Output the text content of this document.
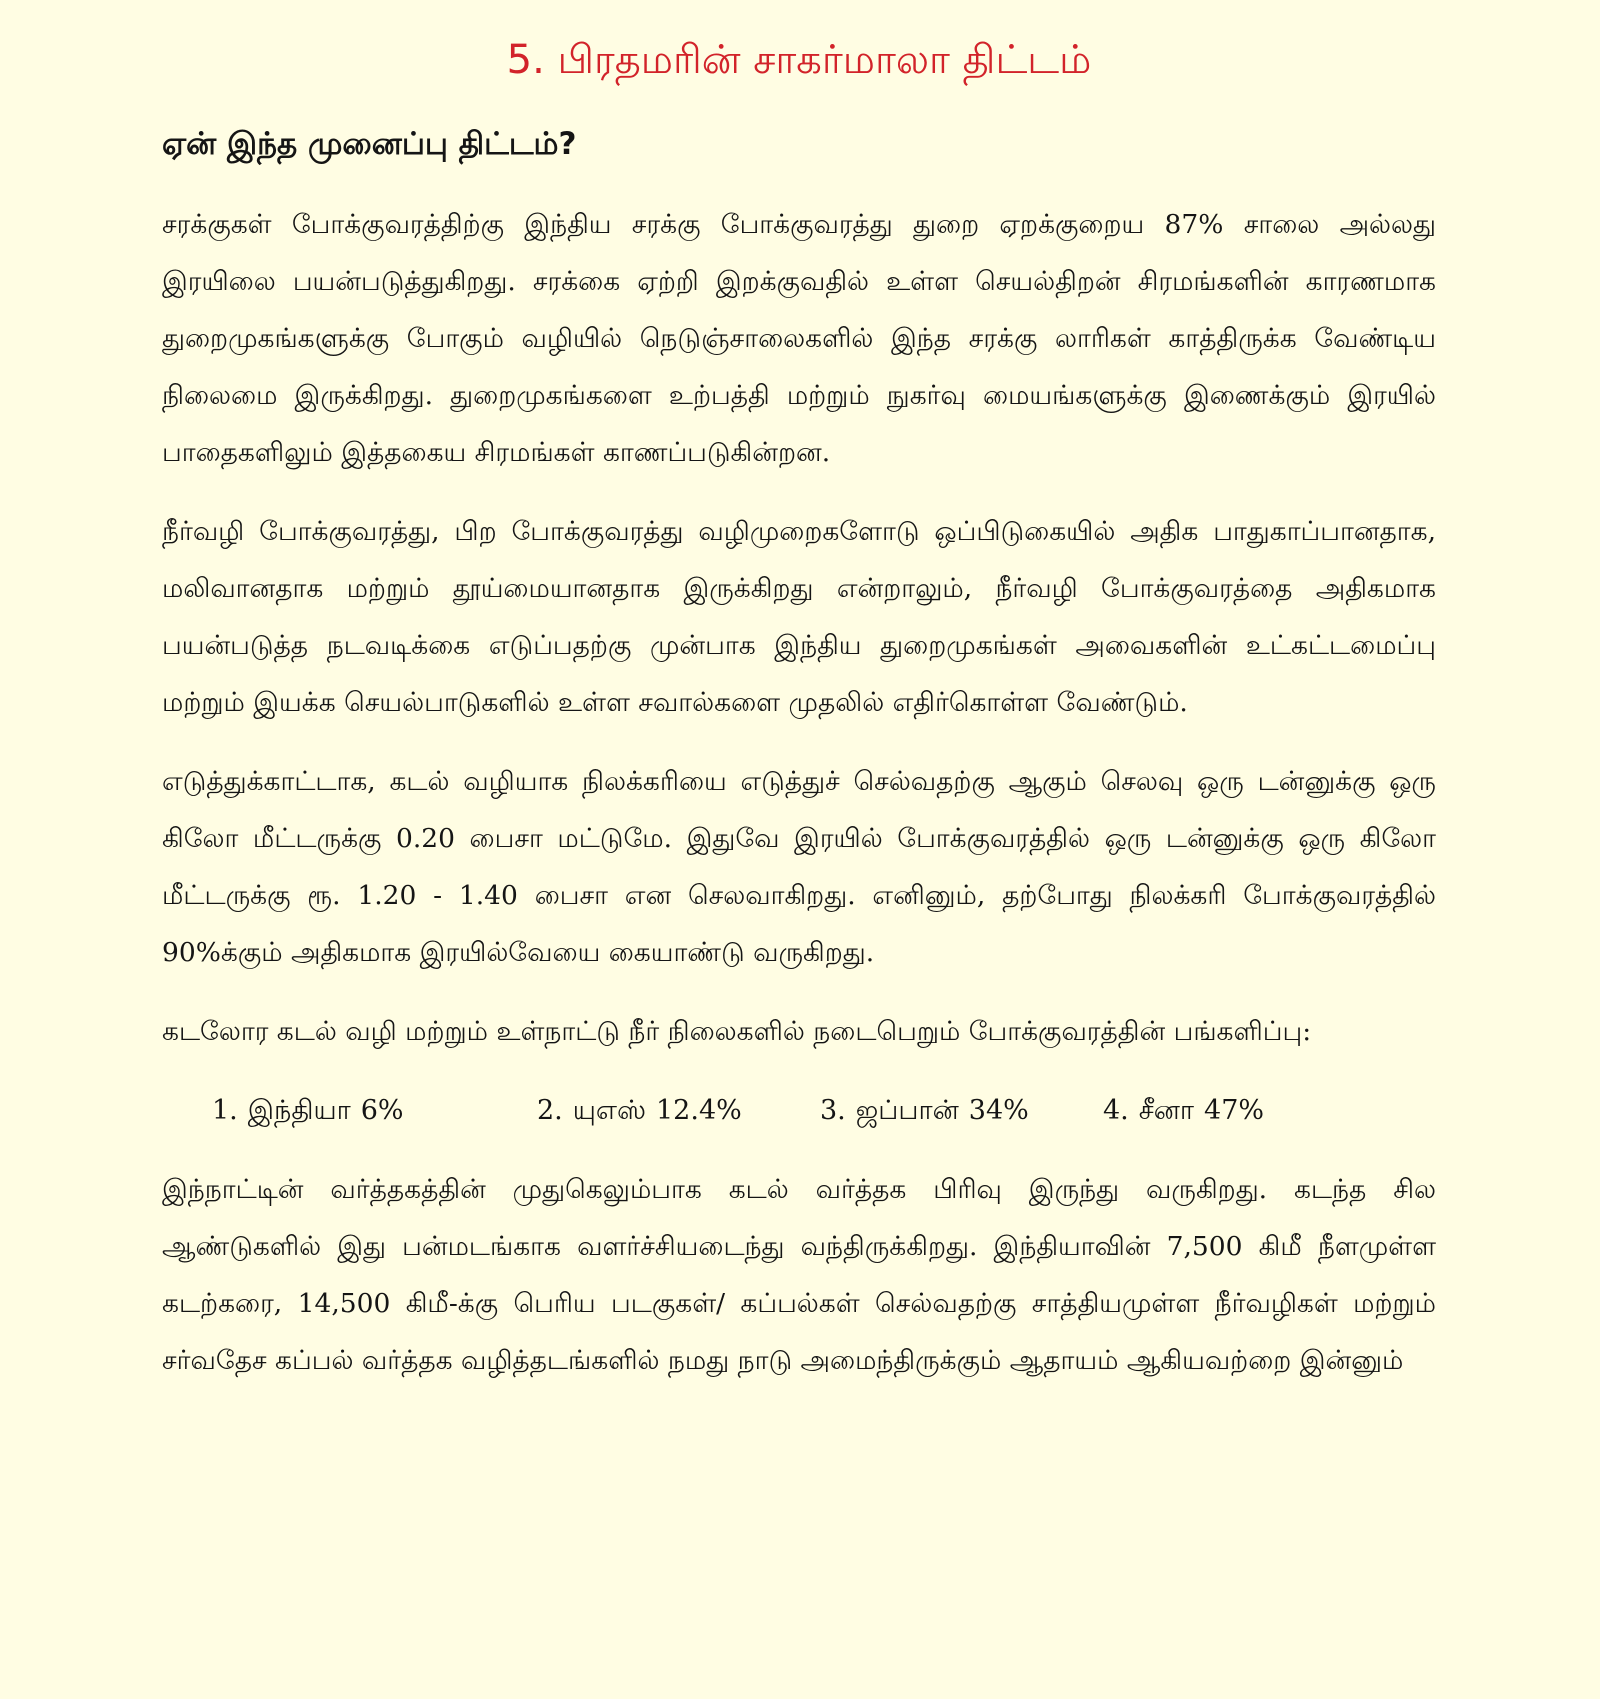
5. பிரதமரின் சாகர்மாலா திட்டம்
ஏன் இந்த முனைப்பு திட்டம்?

சரக்குகள் போக்குவரத்திற்கு இந்திய சரக்கு போக்குவரத்து துறை ஏறக்குறைய 87% சாலை அல்லது இரயிலை பயன்படுத்துகிறது. சரக்கை ஏற்றி இறக்குவதில் உள்ள செயல்திறன் சிரமங்களின் காரணமாக துறைமுகங்களுக்கு போகும் வழியில் நெடுஞ்சாலைகளில் இந்த சரக்கு லாரிகள் காத்திருக்க வேண்டிய நிலைமை இருக்கிறது. துறைமுகங்களை உற்பத்தி மற்றும் நுகர்வு மையங்களுக்கு இணைக்கும் இரயில் பாதைகளிலும் இத்தகைய சிரமங்கள் காணப்படுகின்றன.

நீர்வழி போக்குவரத்து, பிற போக்குவரத்து வழிமுறைகளோடு ஒப்பிடுகையில் அதிக பாதுகாப்பானதாக, மலிவானதாக மற்றும் தூய்மையானதாக இருக்கிறது என்றாலும், நீர்வழி போக்குவரத்தை அதிகமாக பயன்படுத்த நடவடிக்கை எடுப்பதற்கு முன்பாக இந்திய துறைமுகங்கள் அவைகளின் உட்கட்டமைப்பு மற்றும் இயக்க செயல்பாடுகளில் உள்ள சவால்களை முதலில் எதிர்கொள்ள வேண்டும்.

எடுத்துக்காட்டாக, கடல் வழியாக நிலக்கரியை எடுத்துச் செல்வதற்கு ஆகும் செலவு ஒரு டன்னுக்கு ஒரு கிலோ மீட்டருக்கு 0.20 பைசா மட்டுமே. இதுவே இரயில் போக்குவரத்தில் ஒரு டன்னுக்கு ஒரு கிலோ மீட்டருக்கு ரூ. 1.20 - 1.40 பைசா என செலவாகிறது. எனினும், தற்போது நிலக்கரி போக்குவரத்தில் 90%க்கும் அதிகமாக இரயில்வேயை கையாண்டு வருகிறது.

கடலோர கடல் வழி மற்றும் உள்நாட்டு நீர் நிலைகளில் நடைபெறும் போக்குவரத்தின் பங்களிப்பு:

1. இந்தியா 6%	2. யுஎஸ் 12.4%	3. ஜப்பான் 34%	4. சீனா 47%

இந்நாட்டின் வர்த்தகத்தின் முதுகெலும்பாக கடல் வர்த்தக பிரிவு இருந்து வருகிறது. கடந்த சில ஆண்டுகளில் இது பன்மடங்காக வளர்ச்சியடைந்து வந்திருக்கிறது. இந்தியாவின் 7,500 கிமீ நீளமுள்ள கடற்கரை, 14,500 கிமீ-க்கு பெரிய படகுகள்/ கப்பல்கள் செல்வதற்கு சாத்தியமுள்ள நீர்வழிகள் மற்றும் சர்வதேச கப்பல் வர்த்தக வழித்தடங்களில் நமது நாடு அமைந்திருக்கும் ஆதாயம் ஆகியவற்றை இன்னும்
